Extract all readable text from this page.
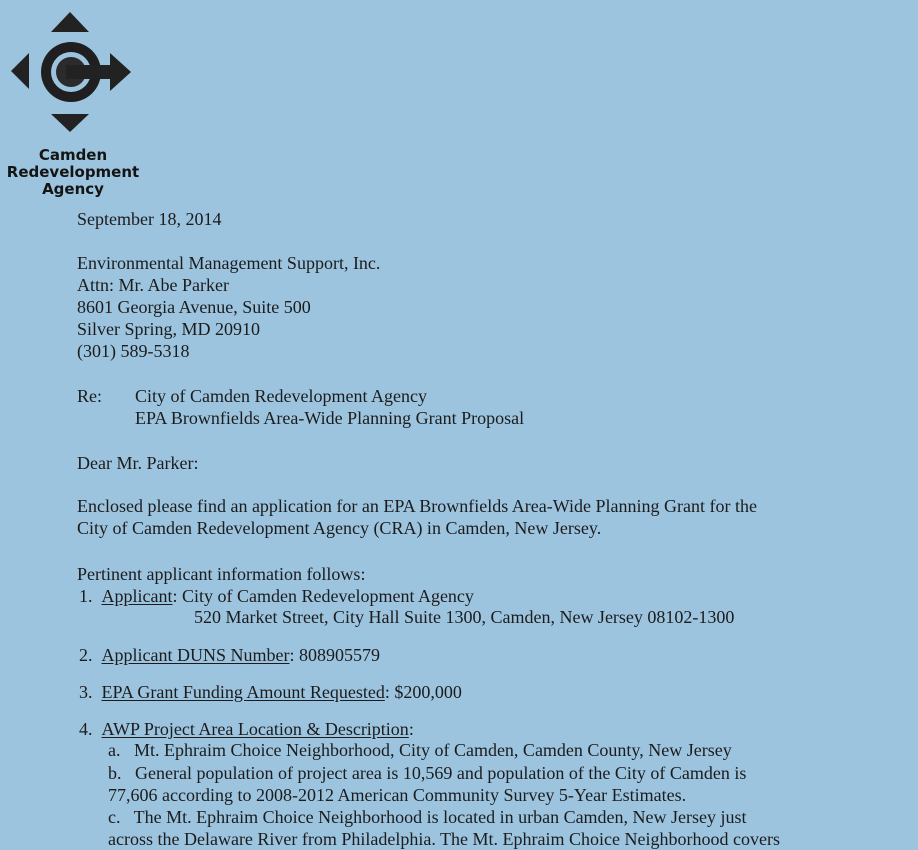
Camden
Redevelopment
Agency
September 18, 2014
Environmental Management Support, Inc.
Attn: Mr. Abe Parker
8601 Georgia Avenue, Suite 500
Silver Spring, MD 20910
(301) 589-5318
Re: City of Camden Redevelopment Agency
EPA Brownfields Area-Wide Planning Grant Proposal
Dear Mr. Parker:
Enclosed please find an application for an EPA Brownfields Area-Wide Planning Grant for the
City of Camden Redevelopment Agency (CRA) in Camden, New Jersey.
Pertinent applicant information follows:
1. Applicant: City of Camden Redevelopment Agency
520 Market Street, City Hall Suite 1300, Camden, New Jersey 08102-1300
2. Applicant DUNS Number: 808905579
3. EPA Grant Funding Amount Requested: $200,000
4. AWP Project Area Location & Description:
a.   Mt. Ephraim Choice Neighborhood, City of Camden, Camden County, New Jersey
b.   General population of project area is 10,569 and population of the City of Camden is
77,606 according to 2008-2012 American Community Survey 5-Year Estimates.
c.   The Mt. Ephraim Choice Neighborhood is located in urban Camden, New Jersey just
across the Delaware River from Philadelphia. The Mt. Ephraim Choice Neighborhood covers
